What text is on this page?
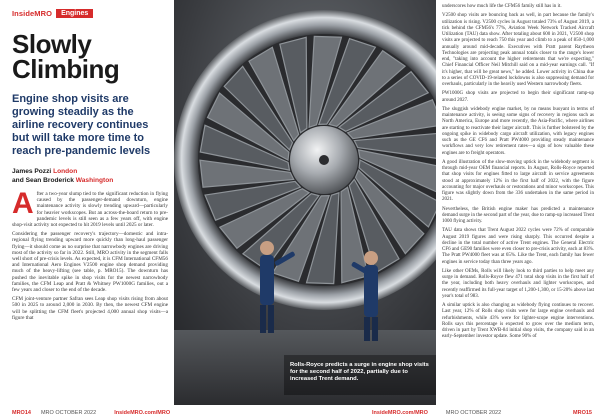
InsideMRO	Engines
Slowly
Climbing
Engine shop visits are growing steadily as the airline recovery continues but will take more time to reach pre-pandemic levels
James Pozzi London
and Sean Broderick Washington

After a two-year slump tied to the significant reduction in flying caused by the passenger-demand downturn, engine maintenance activity is slowly trending upward—particularly for heavier workscopes. But an across-the-board return to pre-pandemic levels is still seen as a few years off, with engine shop-visit activity not expected to hit 2019 levels until 2025 or later.

Considering the passenger recovery's trajectory—domestic and intra-regional flying trending upward more quickly than long-haul passenger flying—it should come as no surprise that narrowbody engines are driving most of the activity so far in 2022. Still, MRO activity in the segment falls well short of pre-crisis levels. As expected, it is CFM International CFM56 and International Aero Engines V2500 engine shop demand providing much of the heavy-lifting (see table, p. MRO15). The downturn has pushed the inevitable spike in shop visits for the newest narrowbody families, the CFM Leap and Pratt & Whitney PW1000G families, out a few years and closer to the end of the decade.

CFM joint-venture partner Safran sees Leap shop visits rising from about 500 in 2025 to around 2,000 in 2030. By then, the newest CFM engine will be splitting the CFM fleet's projected 4,000 annual shop visits—a figure that

Rolls-Royce predicts a surge in engine shop visits for the second half of 2022, partially due to increased Trent demand.

underscores how much life the CFM56 family still has in it.

V2500 shop visits are bouncing back as well, in part because the family's utilization is rising. V2500 cycles in August totaled 73% of August 2019, a tick behind the CFM56's 77%, Aviation Week Network Tracked Aircraft Utilization (TAU) data show. After totaling about 600 in 2021, V2500 shop visits are projected to reach 750 this year and climb to a peak of 850-1,000 annually around mid-decade. Executives with Pratt parent Raytheon Technologies are projecting peak annual totals closer to the range's lower end, "taking into account the higher retirements that we're expecting," Chief Financial Officer Neil Mitchill said on a mid-year earnings call. "If it's higher, that will be great news," he added. Lower activity in China due to a series of COVID-19-related lockdowns is also suppressing demand for overhauls, particularly in the heavily used Western narrowbody fleets.

PW1000G shop visits are projected to begin their significant ramp-up around 2027.

The sluggish widebody engine market, by no means buoyant in terms of maintenance activity, is seeing some signs of recovery in regions such as North America, Europe and more recently, the Asia-Pacific, where airlines are starting to reactivate their larger aircraft. This is further bolstered by the ongoing spike in widebody cargo aircraft utilization, with legacy engines such as the GE CF6 and Pratt PW4000 providing steady maintenance workflows and very low retirement rates—a sign of how valuable these engines are to freight operators.

A good illustration of the slow-moving uptick in the widebody segment is through mid-year OEM financial reports. In August, Rolls-Royce reported that shop visits for engines fitted to large aircraft in service agreements stood at approximately 12% in the first half of 2022, with the figure accounting for major overhauls or restorations and minor workscopes. This figure was slightly down from the 336 undertaken in the same period in 2021.

Nevertheless, the British engine maker has predicted a maintenance demand surge in the second part of the year, due to ramp-up increased Trent 1000 flying activity.

TAU data shows that Trent August 2022 cycles were 72% of comparable August 2019 figures and were rising sharply. This occurred despite a decline in the total number of active Trent engines. The General Electric CF6 and GE90 families were even closer to pre-crisis activity, each at 83%. The Pratt PW4000 fleet was at 65%. Like the Trent, each family has fewer engines in service today than three years ago.

Like other OEMs, Rolls will likely look to third parties to help meet any surge in demand. Rolls-Royce flew 471 total shop visits in the first half of the year, including both heavy overhauls and lighter workscopes, and recently reaffirmed its full-year target of 1,200-1,300, or 15-20% above last year's total of 983.

A similar uptick is also changing as widebody flying continues to recover. Last year, 12% of Rolls shop visits were for large engine overhauls and refurbishments, while 43% were for lighter-scope engine interventions. Rolls says this percentage is expected to grow over the medium term, driven in part by Trent XWB-84 initial shop visits, the company said in an early-September investor update. Some 90% of

MRO14 MRO OCTOBER 2022	InsideMRO.com/MRO	InsideMRO.com/MRO	MRO OCTOBER 2022	MRO15
